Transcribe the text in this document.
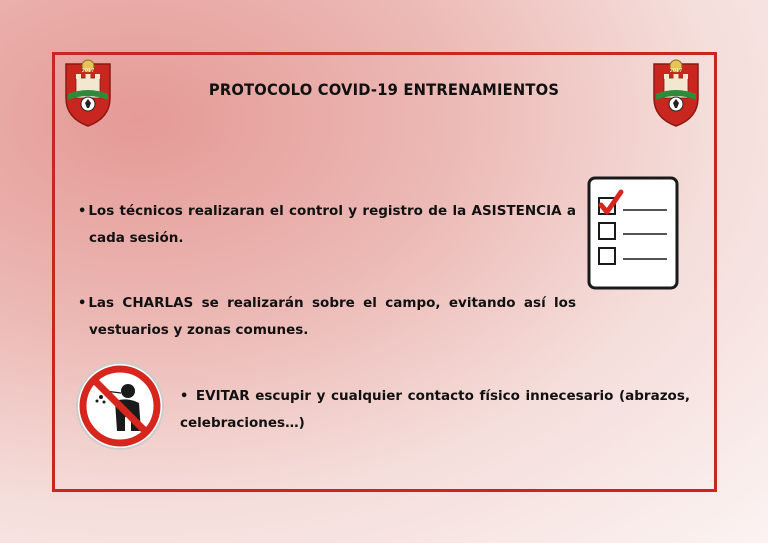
2017	2017
PROTOCOLO COVID-19 ENTRENAMIENTOS
• Los técnicos realizaran el control y registro de la ASISTENCIA a
cada sesión.
• Las CHARLAS se realizarán sobre el campo, evitando así los
vestuarios y zonas comunes.
• EVITAR escupir y cualquier contacto físico innecesario (abrazos,
celebraciones…)
